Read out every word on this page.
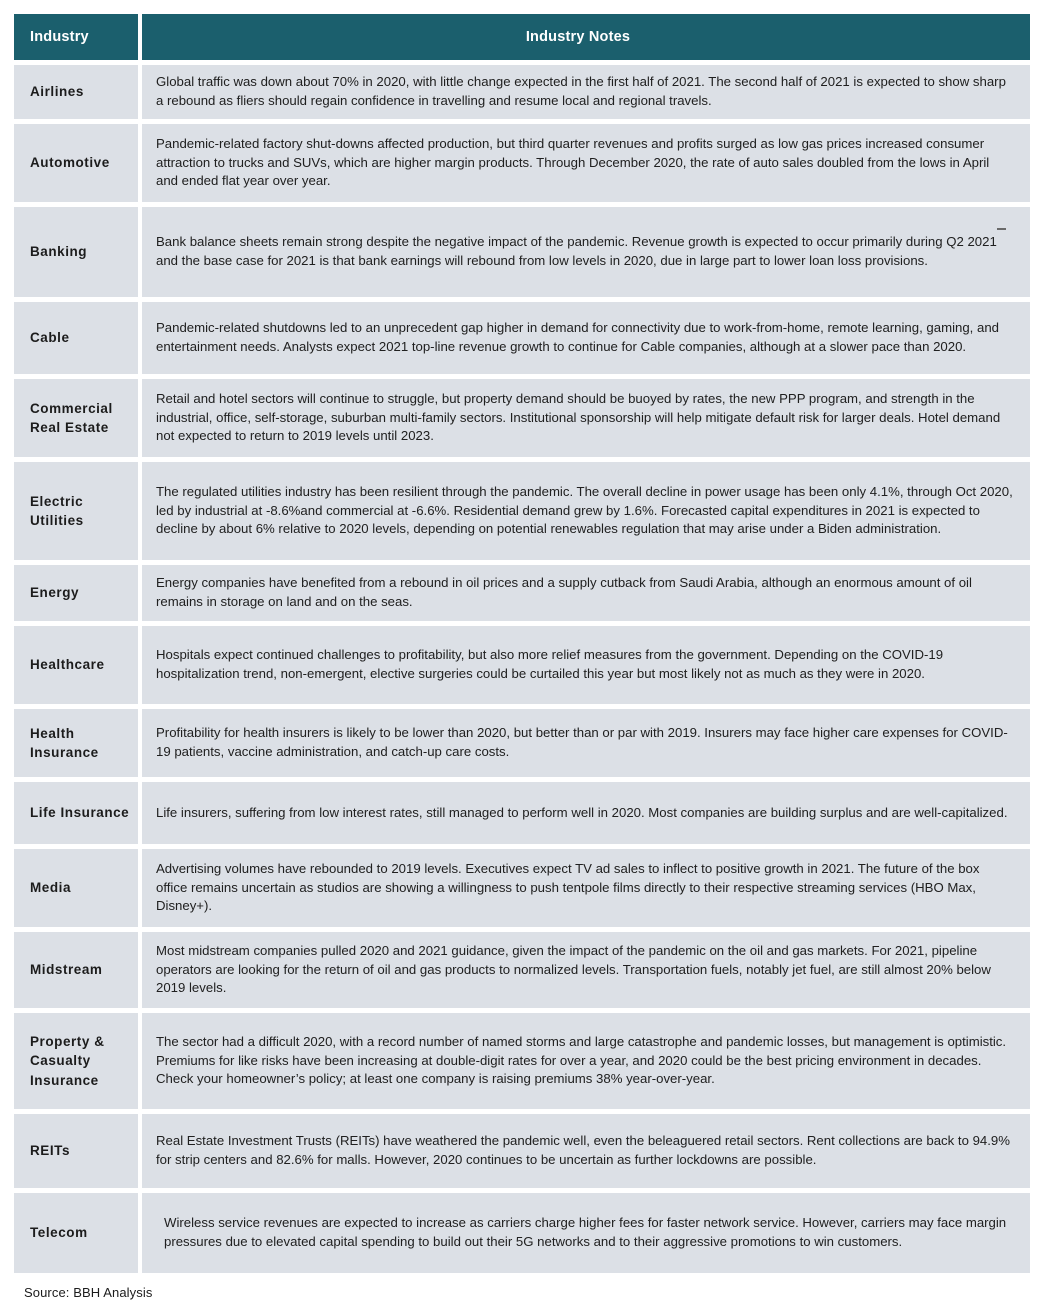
Industry	Industry Notes
Airlines
Global traffic was down about 70% in 2020, with little change expected in the first half of 2021. The second half of 2021 is expected to show sharp a rebound as fliers should regain confidence in travelling and resume local and regional travels.
Automotive
Pandemic-related factory shut-downs affected production, but third quarter revenues and profits surged as low gas prices increased consumer attraction to trucks and SUVs, which are higher margin products. Through December 2020, the rate of auto sales doubled from the lows in April and ended flat year over year.
Banking
Bank balance sheets remain strong despite the negative impact of the pandemic. Revenue growth is expected to occur primarily during Q2 2021 and the base case for 2021 is that bank earnings will rebound from low levels in 2020, due in large part to lower loan loss provisions.
Cable
Pandemic-related shutdowns led to an unprecedent gap higher in demand for connectivity due to work-from-home, remote learning, gaming, and entertainment needs. Analysts expect 2021 top-line revenue growth to continue for Cable companies, although at a slower pace than 2020.
Commercial Real Estate
Retail and hotel sectors will continue to struggle, but property demand should be buoyed by rates, the new PPP program, and strength in the industrial, office, self-storage, suburban multi-family sectors. Institutional sponsorship will help mitigate default risk for larger deals. Hotel demand not expected to return to 2019 levels until 2023.
Electric Utilities
The regulated utilities industry has been resilient through the pandemic. The overall decline in power usage has been only 4.1%, through Oct 2020, led by industrial at -8.6%and commercial at -6.6%. Residential demand grew by 1.6%. Forecasted capital expenditures in 2021 is expected to decline by about 6% relative to 2020 levels, depending on potential renewables regulation that may arise under a Biden administration.
Energy
Energy companies have benefited from a rebound in oil prices and a supply cutback from Saudi Arabia, although an enormous amount of oil remains in storage on land and on the seas.
Healthcare
Hospitals expect continued challenges to profitability, but also more relief measures from the government. Depending on the COVID-19 hospitalization trend, non-emergent, elective surgeries could be curtailed this year but most likely not as much as they were in 2020.
Health Insurance
Profitability for health insurers is likely to be lower than 2020, but better than or par with 2019. Insurers may face higher care expenses for COVID-19 patients, vaccine administration, and catch-up care costs.
Life Insurance	Life insurers, suffering from low interest rates, still managed to perform well in 2020. Most companies are building surplus and are well-capitalized.
Media
Advertising volumes have rebounded to 2019 levels. Executives expect TV ad sales to inflect to positive growth in 2021. The future of the box office remains uncertain as studios are showing a willingness to push tentpole films directly to their respective streaming services (HBO Max, Disney+).
Midstream
Most midstream companies pulled 2020 and 2021 guidance, given the impact of the pandemic on the oil and gas markets. For 2021, pipeline operators are looking for the return of oil and gas products to normalized levels. Transportation fuels, notably jet fuel, are still almost 20% below 2019 levels.
Property & Casualty Insurance
The sector had a difficult 2020, with a record number of named storms and large catastrophe and pandemic losses, but management is optimistic. Premiums for like risks have been increasing at double-digit rates for over a year, and 2020 could be the best pricing environment in decades. Check your homeowner’s policy; at least one company is raising premiums 38% year-over-year.
REITs
Real Estate Investment Trusts (REITs) have weathered the pandemic well, even the beleaguered retail sectors. Rent collections are back to 94.9% for strip centers and 82.6% for malls. However, 2020 continues to be uncertain as further lockdowns are possible.
Telecom
Wireless service revenues are expected to increase as carriers charge higher fees for faster network service. However, carriers may face margin pressures due to elevated capital spending to build out their 5G networks and to their aggressive promotions to win customers.
Source: BBH Analysis
